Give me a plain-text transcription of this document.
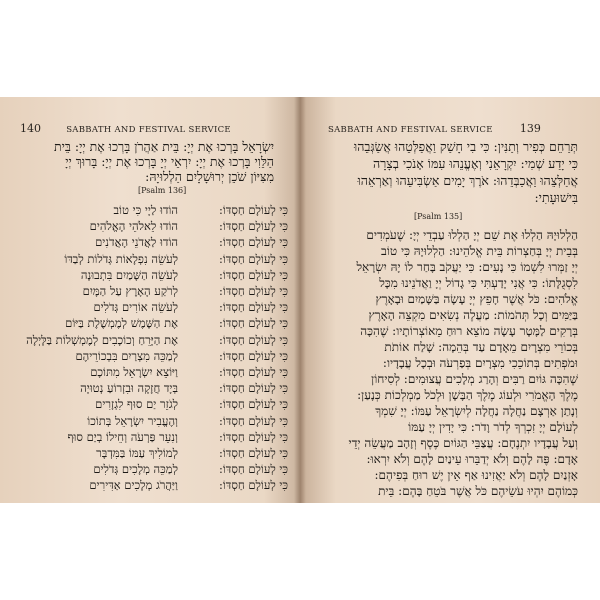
140	SABBATH AND FESTIVAL SERVICE
יִשְׂרָאֵל בָּרְכוּ אֶת יְיָ: בֵּית אַהֲרֹן בָּרְכוּ אֶת יְיָ: בֵּית
הַלֵּוִי בָּרְכוּ אֶת יְיָ: יִרְאֵי יְיָ בָּרְכוּ אֶת יְיָ: בָּרוּךְ יְיָ
מִצִּיּוֹן שֹׁכֵן יְרוּשָׁלָיִם הַלְלוּיָהּ:
[Psalm 136]
הוֹדוּ לַיָי כִּי טוֹב	כִּי לְעוֹלָם חַסְדּוֹ:
הוֹדוּ לֵאלֹהֵי הָאֱלֹהִים	כִּי לְעוֹלָם חַסְדּוֹ:
הוֹדוּ לַאֲדֹנֵי הָאֲדֹנִים	כִּי לְעוֹלָם חַסְדּוֹ:
לְעֹשֵׂה נִפְלָאוֹת גְּדֹלוֹת לְבַדּוֹ	כִּי לְעוֹלָם חַסְדּוֹ:
לְעֹשֵׂה הַשָּׁמַיִם בִּתְבוּנָה	כִּי לְעוֹלָם חַסְדּוֹ:
לְרֹקַע הָאָרֶץ עַל הַמָּיִם	כִּי לְעוֹלָם חַסְדּוֹ:
לְעֹשֵׂה אוֹרִים גְּדֹלִים	כִּי לְעוֹלָם חַסְדּוֹ:
אֶת הַשֶּׁמֶשׁ לְמֶמְשֶׁלֶת בַּיּוֹם	כִּי לְעוֹלָם חַסְדּוֹ:
אֶת הַיָּרֵחַ וְכוֹכָבִים לְמֶמְשְׁלוֹת בַּלָּיְלָה	כִּי לְעוֹלָם חַסְדּוֹ:
לְמַכֵּה מִצְרַיִם בִּבְכוֹרֵיהֶם	כִּי לְעוֹלָם חַסְדּוֹ:
וַיּוֹצֵא יִשְׂרָאֵל מִתּוֹכָם	כִּי לְעוֹלָם חַסְדּוֹ:
בְּיָד חֲזָקָה וּבִזְרוֹעַ נְטוּיָה	כִּי לְעוֹלָם חַסְדּוֹ:
לְגֹזֵר יַם סוּף לִגְזָרִים	כִּי לְעוֹלָם חַסְדּוֹ:
וְהֶעֱבִיר יִשְׂרָאֵל בְּתוֹכוֹ	כִּי לְעוֹלָם חַסְדּוֹ:
וְנִעֵר פַּרְעֹה וְחֵילוֹ בְיַם סוּף	כִּי לְעוֹלָם חַסְדּוֹ:
לְמוֹלִיךְ עַמּוֹ בַּמִּדְבָּר	כִּי לְעוֹלָם חַסְדּוֹ:
לְמַכֵּה מְלָכִים גְּדֹלִים	כִּי לְעוֹלָם חַסְדּוֹ:
וַיַּהֲרֹג מְלָכִים אַדִּירִים	כִּי לְעוֹלָם חַסְדּוֹ:
SABBATH AND FESTIVAL SERVICE 139
תְּרַחֵם כְּפִיר וְתַנִּין: כִּי בִי חָשַׁק וַאֲפַלְּטֵהוּ אֲשַׂגְּבֵהוּ
כִּי יָדַע שְׁמִי: יִקְרָאֵנִי וְאֶעֱנֵהוּ עִמּוֹ אָנֹכִי בְצָרָה
אֲחַלְּצֵהוּ וַאֲכַבְּדֵהוּ: אֹרֶךְ יָמִים אַשְׂבִּיעֵהוּ וְאַרְאֵהוּ
בִּישׁוּעָתִי:
[Psalm 135]
הַלְלוּיָהּ הַלְלוּ אֶת שֵׁם יְיָ הַלְלוּ עַבְדֵי יְיָ: שֶׁעֹמְדִים
בְּבֵית יְיָ בְּחַצְרוֹת בֵּית אֱלֹהֵינוּ: הַלְלוּיָהּ כִּי טוֹב
יְיָ זַמְּרוּ לִשְׁמוֹ כִּי נָעִים: כִּי יַעֲקֹב בָּחַר לוֹ יָהּ יִשְׂרָאֵל
לִסְגֻלָּתוֹ: כִּי אֲנִי יָדַעְתִּי כִּי גָדוֹל יְיָ וַאֲדֹנֵינוּ מִכָּל
אֱלֹהִים: כֹּל אֲשֶׁר חָפֵץ יְיָ עָשָׂה בַּשָּׁמַיִם וּבָאָרֶץ
בַּיַּמִּים וְכָל תְּהֹמוֹת: מַעֲלֶה נְשִׂאִים מִקְצֵה הָאָרֶץ
בְּרָקִים לַמָּטָר עָשָׂה מוֹצֵא רוּחַ מֵאוֹצְרוֹתָיו: שֶׁהִכָּה
בְּכוֹרֵי מִצְרָיִם מֵאָדָם עַד בְּהֵמָה: שָׁלַח אוֹתֹת
וּמֹפְתִים בְּתוֹכֵכִי מִצְרָיִם בְּפַרְעֹה וּבְכָל עֲבָדָיו:
שֶׁהִכָּה גּוֹיִם רַבִּים וְהָרַג מְלָכִים עֲצוּמִים: לְסִיחוֹן
מֶלֶךְ הָאֱמֹרִי וּלְעוֹג מֶלֶךְ הַבָּשָׁן וּלְכֹל מַמְלְכוֹת כְּנָעַן:
וְנָתַן אַרְצָם נַחֲלָה נַחֲלָה לְיִשְׂרָאֵל עַמּוֹ: יְיָ שִׁמְךָ
לְעוֹלָם יְיָ זִכְרְךָ לְדֹר וָדֹר: כִּי יָדִין יְיָ עַמּוֹ
וְעַל עֲבָדָיו יִתְנֶחָם: עֲצַבֵּי הַגּוֹיִם כֶּסֶף וְזָהָב מַעֲשֵׂה יְדֵי
אָדָם: פֶּה לָהֶם וְלֹא יְדַבֵּרוּ עֵינַיִם לָהֶם וְלֹא יִרְאוּ:
אָזְנַיִם לָהֶם וְלֹא יַאֲזִינוּ אַף אֵין יֶשׁ רוּחַ בְּפִיהֶם:
כְּמוֹהֶם יִהְיוּ עֹשֵׂיהֶם כֹּל אֲשֶׁר בֹּטֵחַ בָּהֶם: בֵּית
